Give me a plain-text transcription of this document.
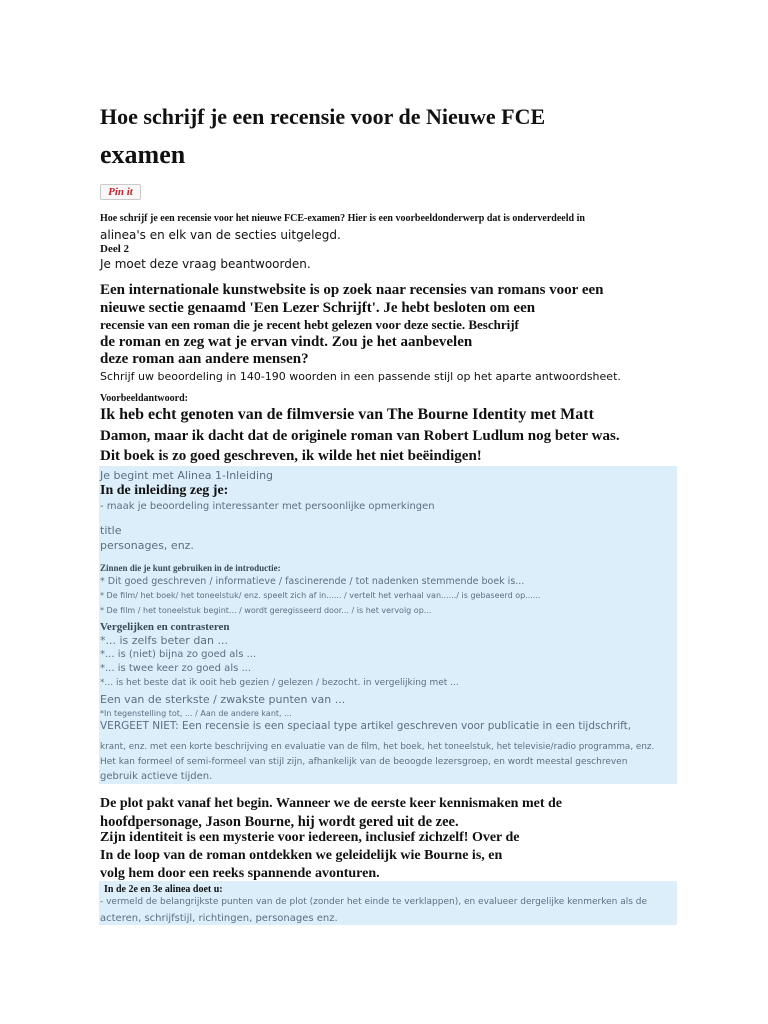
Hoe schrijf je een recensie voor de Nieuwe FCE
examen
Pin it

Hoe schrijf je een recensie voor het nieuwe FCE-examen? Hier is een voorbeeldonderwerp dat is onderverdeeld in

alinea's en elk van de secties uitgelegd.

Deel 2

Je moet deze vraag beantwoorden.

Een internationale kunstwebsite is op zoek naar recensies van romans voor een

nieuwe sectie genaamd 'Een Lezer Schrijft'. Je hebt besloten om een

recensie van een roman die je recent hebt gelezen voor deze sectie. Beschrijf

de roman en zeg wat je ervan vindt. Zou je het aanbevelen

deze roman aan andere mensen?

Schrijf uw beoordeling in 140-190 woorden in een passende stijl op het aparte antwoordsheet.

Voorbeeldantwoord:

Ik heb echt genoten van de filmversie van The Bourne Identity met Matt

Damon, maar ik dacht dat de originele roman van Robert Ludlum nog beter was.

Dit boek is zo goed geschreven, ik wilde het niet beëindigen!

Je begint met Alinea 1-Inleiding

In de inleiding zeg je:

- maak je beoordeling interessanter met persoonlijke opmerkingen

title

personages, enz.

Zinnen die je kunt gebruiken in de introductie:

* Dit goed geschreven / informatieve / fascinerende / tot nadenken stemmende boek is...

* De film/ het boek/ het toneelstuk/ enz. speelt zich af in...... / vertelt het verhaal van....../ is gebaseerd op......

* De film / het toneelstuk begint... / wordt geregisseerd door... / is het vervolg op...

Vergelijken en contrasteren

*... is zelfs beter dan ...

*... is (niet) bijna zo goed als ...

*... is twee keer zo goed als ...

*... is het beste dat ik ooit heb gezien / gelezen / bezocht. in vergelijking met ...

Een van de sterkste / zwakste punten van ...

*In tegenstelling tot, ... / Aan de andere kant, ...

VERGEET NIET: Een recensie is een speciaal type artikel geschreven voor publicatie in een tijdschrift,

krant, enz. met een korte beschrijving en evaluatie van de film, het boek, het toneelstuk, het televisie/radio programma, enz.

Het kan formeel of semi-formeel van stijl zijn, afhankelijk van de beoogde lezersgroep, en wordt meestal geschreven

gebruik actieve tijden.

De plot pakt vanaf het begin. Wanneer we de eerste keer kennismaken met de

hoofdpersonage, Jason Bourne, hij wordt gered uit de zee.

Zijn identiteit is een mysterie voor iedereen, inclusief zichzelf! Over de

In de loop van de roman ontdekken we geleidelijk wie Bourne is, en

volg hem door een reeks spannende avonturen.

In de 2e en 3e alinea doet u:

- vermeld de belangrijkste punten van de plot (zonder het einde te verklappen), en evalueer dergelijke kenmerken als de

acteren, schrijfstijl, richtingen, personages enz.
